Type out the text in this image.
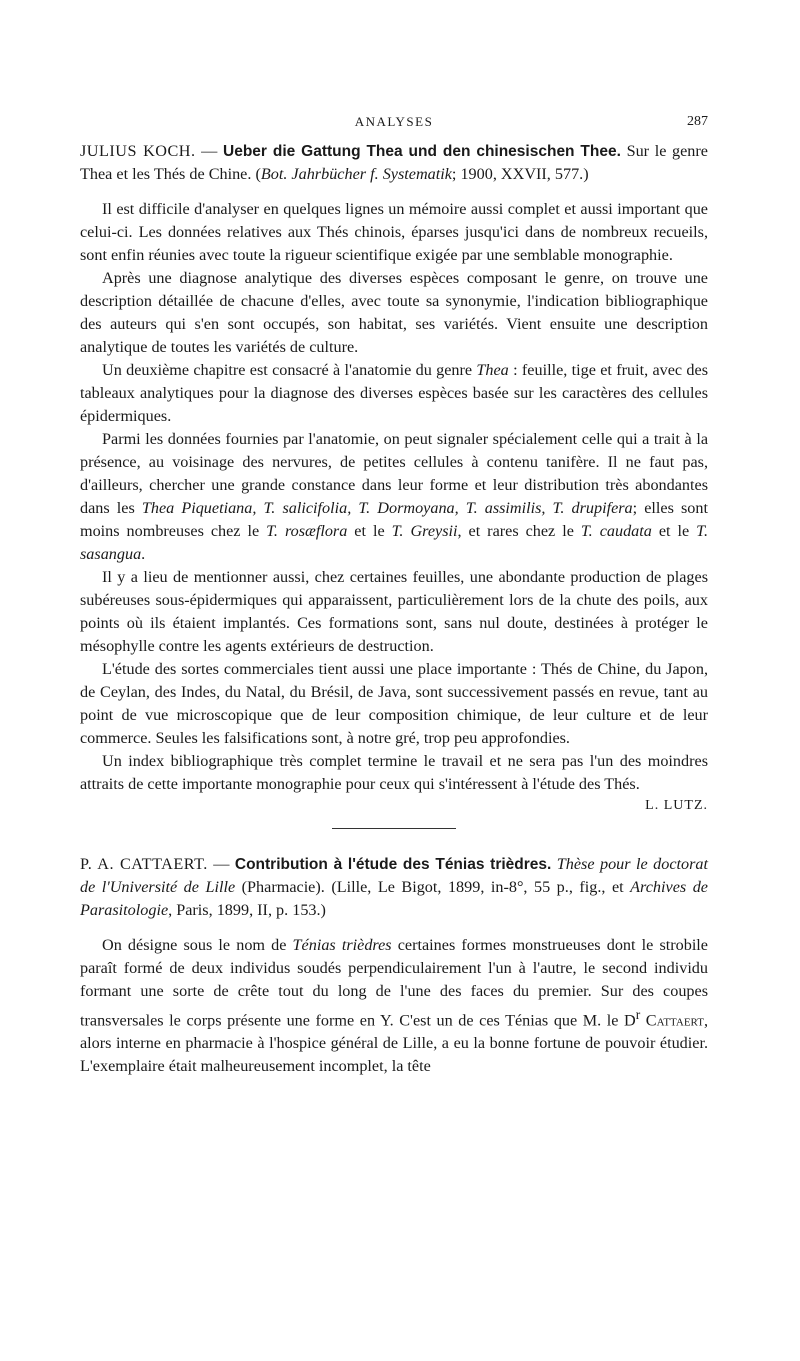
ANALYSES	287

JULIUS KOCH. — Ueber die Gattung Thea und den chinesischen Thee. Sur le genre Thea et les Thés de Chine. (Bot. Jahrbücher f. Systematik; 1900, XXVII, 577.)

Il est difficile d'analyser en quelques lignes un mémoire aussi complet et aussi important que celui-ci. Les données relatives aux Thés chinois, éparses jusqu'ici dans de nombreux recueils, sont enfin réunies avec toute la rigueur scientifique exigée par une semblable monographie.

Après une diagnose analytique des diverses espèces composant le genre, on trouve une description détaillée de chacune d'elles, avec toute sa synonymie, l'indication bibliographique des auteurs qui s'en sont occupés, son habitat, ses variétés. Vient ensuite une description analytique de toutes les variétés de culture.

Un deuxième chapitre est consacré à l'anatomie du genre Thea : feuille, tige et fruit, avec des tableaux analytiques pour la diagnose des diverses espèces basée sur les caractères des cellules épidermiques.

Parmi les données fournies par l'anatomie, on peut signaler spécialement celle qui a trait à la présence, au voisinage des nervures, de petites cellules à contenu tanifère. Il ne faut pas, d'ailleurs, chercher une grande constance dans leur forme et leur distribution très abondantes dans les Thea Piquetiana, T. salicifolia, T. Dormoyana, T. assimilis, T. drupifera; elles sont moins nombreuses chez le T. rosæflora et le T. Greysii, et rares chez le T. caudata et le T. sasangua.

Il y a lieu de mentionner aussi, chez certaines feuilles, une abondante production de plages subéreuses sous-épidermiques qui apparaissent, particulièrement lors de la chute des poils, aux points où ils étaient implantés. Ces formations sont, sans nul doute, destinées à protéger le mésophylle contre les agents extérieurs de destruction.

L'étude des sortes commerciales tient aussi une place importante : Thés de Chine, du Japon, de Ceylan, des Indes, du Natal, du Brésil, de Java, sont successivement passés en revue, tant au point de vue microscopique que de leur composition chimique, de leur culture et de leur commerce. Seules les falsifications sont, à notre gré, trop peu approfondies.

Un index bibliographique très complet termine le travail et ne sera pas l'un des moindres attraits de cette importante monographie pour ceux qui s'intéressent à l'étude des Thés.

L. LUTZ.

P. A. CATTAERT. — Contribution à l'étude des Ténias trièdres. Thèse pour le doctorat de l'Université de Lille (Pharmacie). (Lille, Le Bigot, 1899, in-8°, 55 p., fig., et Archives de Parasitologie, Paris, 1899, II, p. 153.)

On désigne sous le nom de Ténias trièdres certaines formes monstrueuses dont le strobile paraît formé de deux individus soudés perpendiculairement l'un à l'autre, le second individu formant une sorte de crête tout du long de l'une des faces du premier. Sur des coupes transversales le corps présente une forme en Y. C'est un de ces Ténias que M. le $D^r$ Cattaert, alors interne en pharmacie à l'hospice général de Lille, a eu la bonne fortune de pouvoir étudier. L'exemplaire était malheureusement incomplet, la tête
